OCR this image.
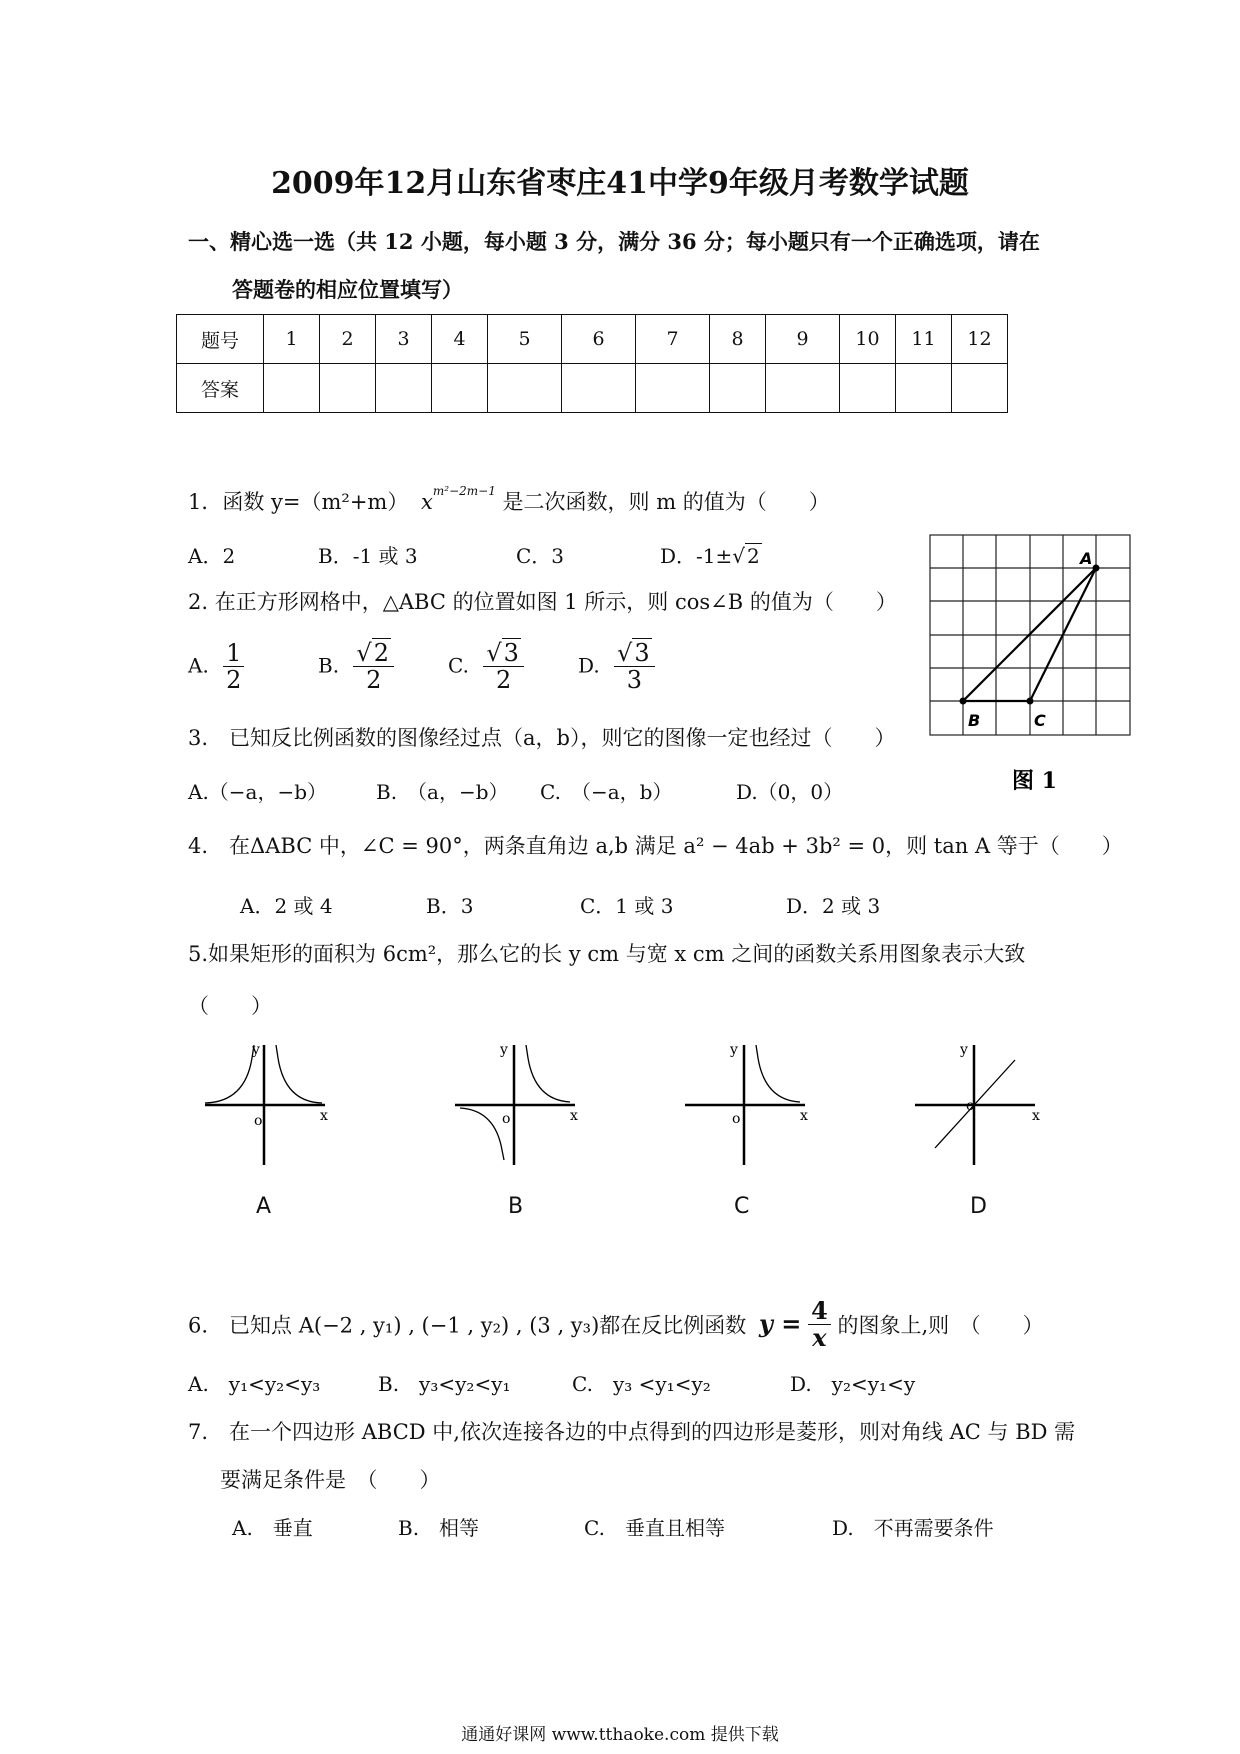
2009年12月山东省枣庄41中学9年级月考数学试题
一、精心选一选（共 12 小题，每小题 3 分，满分 36 分；每小题只有一个正确选项，请在
答题卷的相应位置填写）
题号	1	2	3	4	5	6	7	8	9	10	11	12
答案												
1．函数 y=（m²+m） $x^{m^2-2m-1}$ 是二次函数，则 m 的值为（　　）
A．2	B．-1 或 3	C．3	D．-1±√ 2
2. 在正方形网格中，△ABC 的位置如图 1 所示，则 cos∠B 的值为（　　）
A. $\frac{1}{2}$	B. $\frac{√2}{2}$	C. $\frac{√3}{2}$	D. $\frac{√3}{3}$
A
B	C
图 1
3.　已知反比例函数的图像经过点（a，b），则它的图像一定也经过（　　）
A.（−a，−b） B.　（a，−b） C.　（−a，b）	D.（0，0）
4.　在ΔABC 中，∠C = 90°，两条直角边 a,b 满足 a² − 4ab + 3b² = 0，则 tan A 等于（　　）
A．2 或 4	B．3	C．1 或 3	D．2 或 3
5.如果矩形的面积为 6cm²，那么它的长 y cm 与宽 x cm 之间的函数关系用图象表示大致
（　　）
y
o	x
y
o	x
y
o	x
y
o
x
A	B	C	D
6.　已知点 A(−2 , y₁) , (−1 , y₂) , (3 , y₃)都在反比例函数 $y = \frac{4}{x}$ 的图象上,则　（　　）
A.　y₁<y₂<y₃	B.　y₃<y₂<y₁	C.　y₃ <y₁<y₂	D.　y₂<y₁<y
7.　在一个四边形 ABCD 中,依次连接各边的中点得到的四边形是菱形，则对角线 AC 与 BD 需
要满足条件是　（　　）
A.　垂直	B.　相等	C.　垂直且相等	D.　不再需要条件
通通好课网 www.tthaoke.com 提供下载
